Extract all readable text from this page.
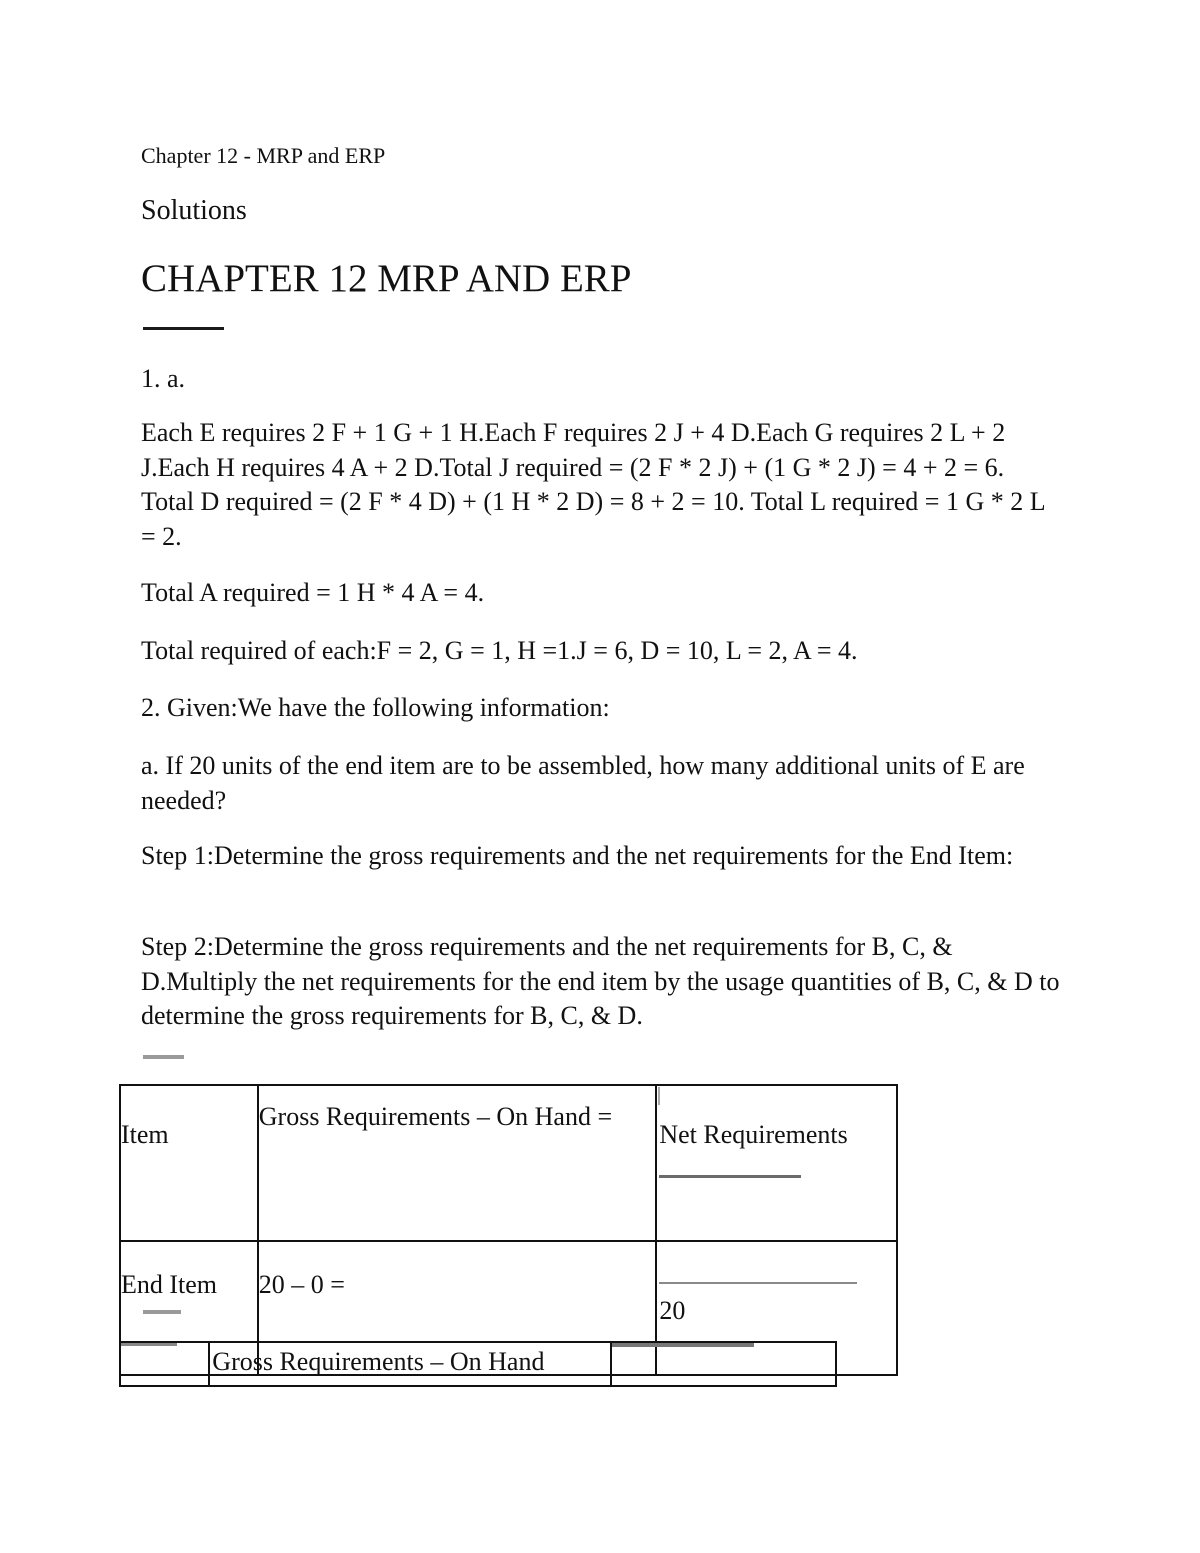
Chapter 12 - MRP and ERP
Solutions
CHAPTER 12 MRP AND ERP
1. a.
Each E requires 2 F + 1 G + 1 H.Each F requires 2 J + 4 D.Each G requires 2 L + 2 J.Each H requires 4 A + 2 D.Total J required = (2 F * 2 J) + (1 G * 2 J) = 4 + 2 = 6. Total D required = (2 F * 4 D) + (1 H * 2 D) = 8 + 2 = 10. Total L required = 1 G * 2 L = 2.
Total A required = 1 H * 4 A = 4.
Total required of each:F = 2, G = 1, H =1.J = 6, D = 10, L = 2, A = 4.
2. Given:We have the following information:
a. If 20 units of the end item are to be assembled, how many additional units of E are needed?
Step 1:Determine the gross requirements and the net requirements for the End Item:
Step 2:Determine the gross requirements and the net requirements for B, C, & D.Multiply the net requirements for the end item by the usage quantities of B, C, & D to determine the gross requirements for B, C, & D.
Item	Gross Requirements – On Hand =	Net Requirements

End Item	20 – 0 =	20
	Gross Requirements – On Hand	
